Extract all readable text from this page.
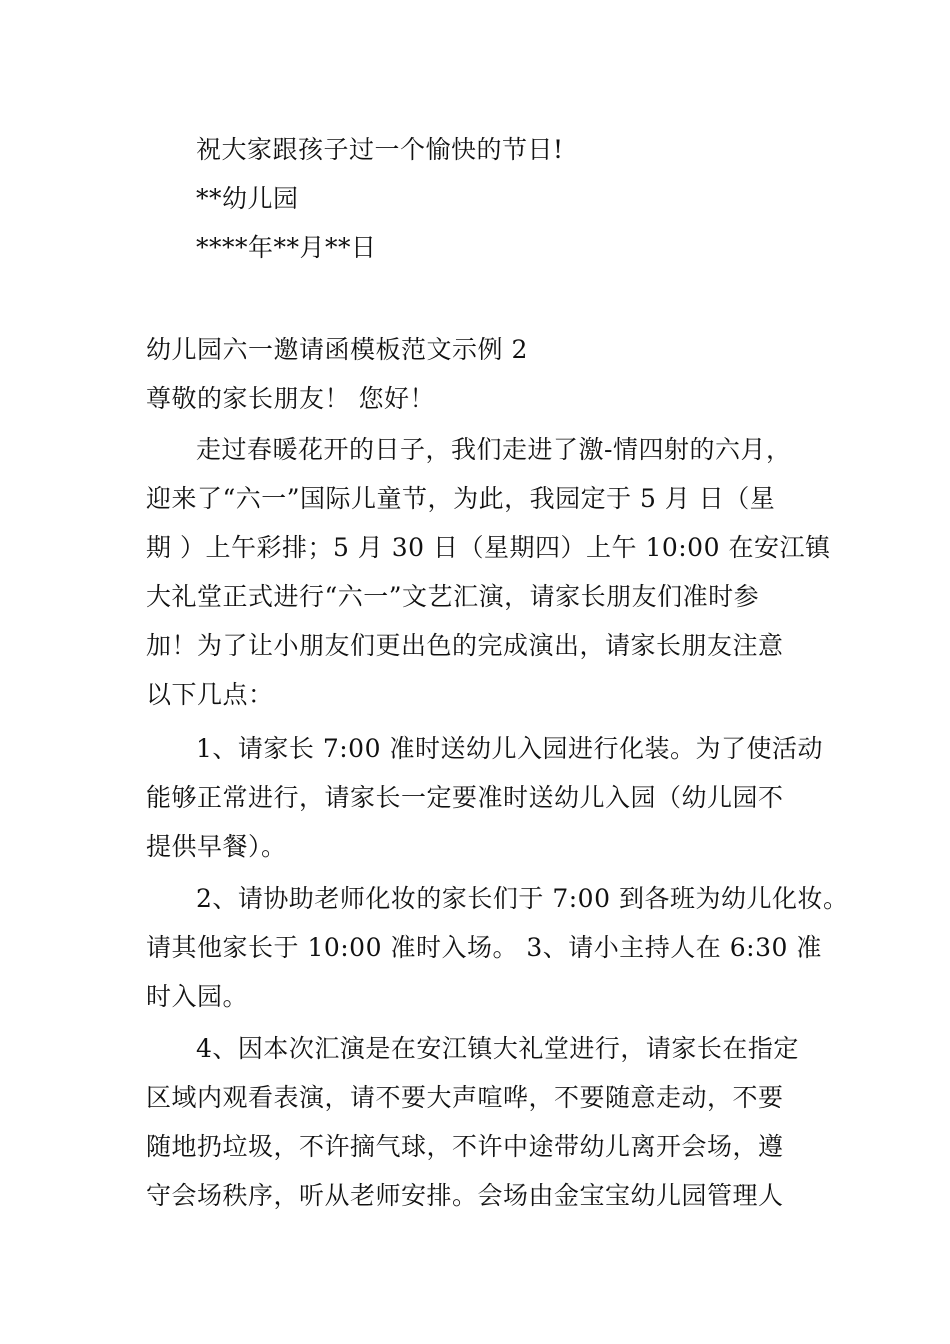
祝大家跟孩子过一个愉快的节日!
**幼儿园
****年**月**日
幼儿园六一邀请函模板范文示例 2
尊敬的家长朋友！ 您好！
走过春暖花开的日子，我们走进了激-情四射的六月，
迎来了“六一”国际儿童节，为此，我园定于 5 月 日（星
期 ）上午彩排；5 月 30 日（星期四）上午 10:00 在安江镇
大礼堂正式进行“六一”文艺汇演，请家长朋友们准时参
加！为了让小朋友们更出色的完成演出，请家长朋友注意
以下几点：
1、请家长 7:00 准时送幼儿入园进行化装。为了使活动
能够正常进行，请家长一定要准时送幼儿入园（幼儿园不
提供早餐）。
2、请协助老师化妆的家长们于 7:00 到各班为幼儿化妆。
请其他家长于 10:00 准时入场。 3、请小主持人在 6:30 准
时入园。
4、因本次汇演是在安江镇大礼堂进行，请家长在指定
区域内观看表演，请不要大声喧哗，不要随意走动，不要
随地扔垃圾，不许摘气球，不许中途带幼儿离开会场，遵
守会场秩序，听从老师安排。会场由金宝宝幼儿园管理人
